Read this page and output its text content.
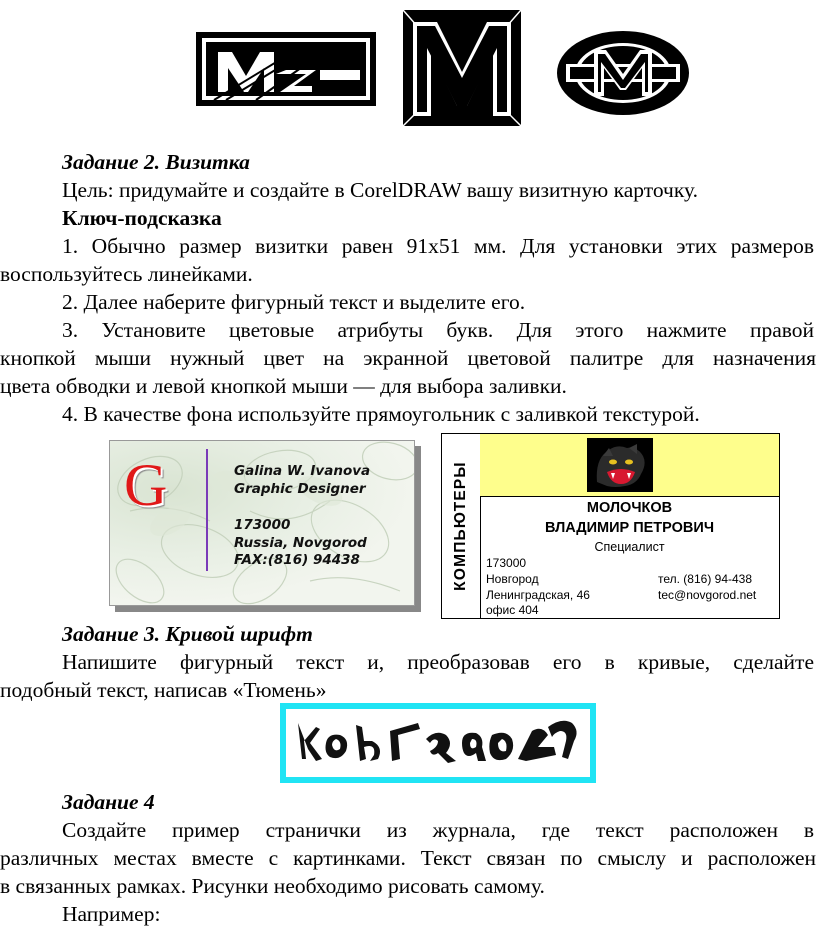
Задание 2. Визитка
Цель: придумайте и создайте в CorelDRAW вашу визитную карточку.
Ключ-подсказка
1. Обычно размер визитки равен 91х51 мм. Для установки этих размеров
воспользуйтесь линейками.
2. Далее наберите фигурный текст и выделите его.
3. Установите цветовые атрибуты букв. Для этого нажмите правой
кнопкой мыши нужный цвет на экранной цветовой палитре для назначения
цвета обводки и левой кнопкой мыши — для выбора заливки.
4. В качестве фона используйте прямоугольник с заливкой текстурой.
G	Galina W. Ivanova
Graphic Designer
173000
Russia, Novgorod
FAX:(816) 94438	КОМПЬЮТЕРЫ	МОЛОЧКОВ
ВЛАДИМИР ПЕТРОВИЧ
Специалист
173000
Новгород
Ленинградская, 46
офис 404
тел. (816) 94-438
tec@novgorod.net
Задание 3. Кривой шрифт
Напишите фигурный текст и, преобразовав его в кривые, сделайте
подобный текст, написав «Тюмень»
Задание 4
Создайте пример странички из журнала, где текст расположен в
различных местах вместе с картинками. Текст связан по смыслу и расположен
в связанных рамках. Рисунки необходимо рисовать самому.
Например:
